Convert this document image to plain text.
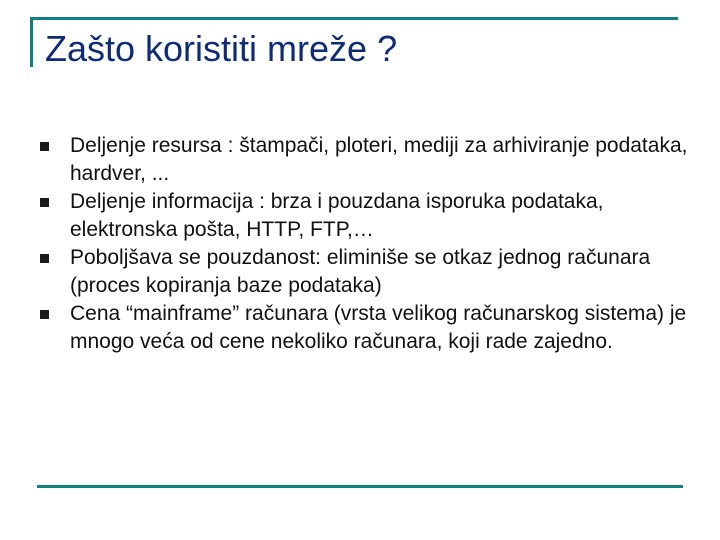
Zašto koristiti mreže ?
Deljenje resursa : štampači, ploteri, mediji za arhiviranje podataka, hardver, ...
Deljenje informacija : brza i pouzdana isporuka podataka, elektronska pošta, HTTP, FTP,…
Poboljšava se pouzdanost: eliminiše se otkaz jednog računara (proces kopiranja baze podataka)
Cena “mainframe” računara (vrsta velikog računarskog sistema) je mnogo veća od cene nekoliko računara, koji rade zajedno.
